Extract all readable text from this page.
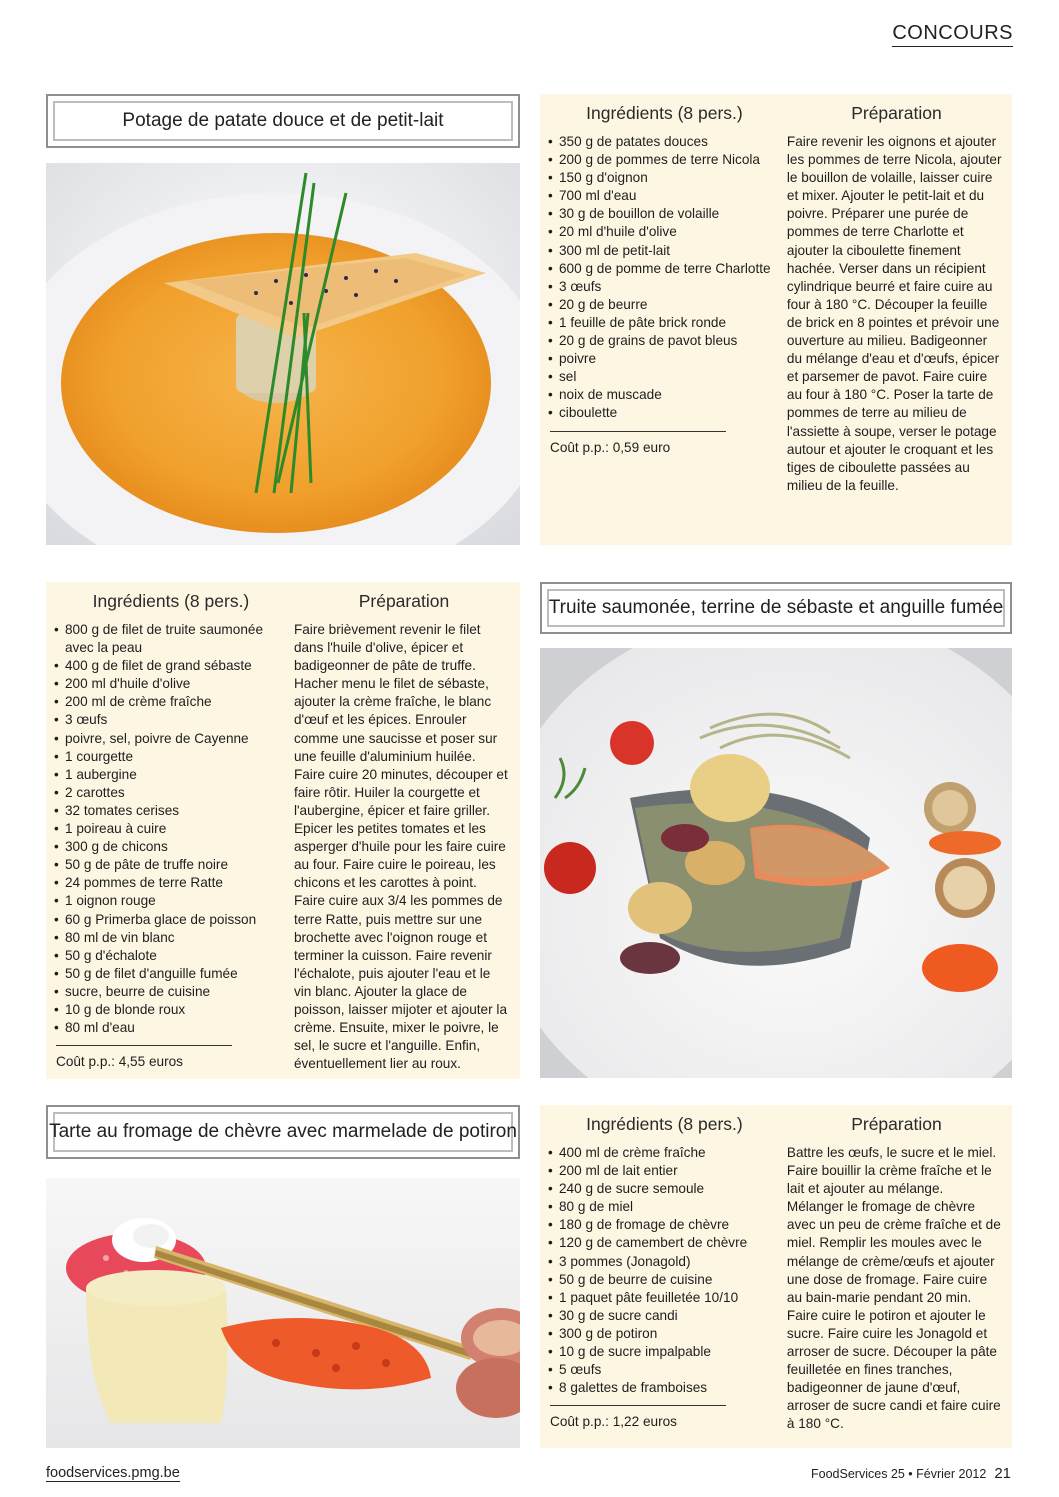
CONCOURS
Potage de patate douce et de petit-lait	Ingrédients (8 pers.)
• 350 g de patates douces
• 200 g de pommes de terre Nicola
• 150 g d'oignon
• 700 ml d'eau
• 30 g de bouillon de volaille
• 20 ml d'huile d'olive
• 300 ml de petit-lait
• 600 g de pomme de terre Charlotte
• 3 œufs
• 20 g de beurre
• 1 feuille de pâte brick ronde
• 20 g de grains de pavot bleus
• poivre
• sel
• noix de muscade
• ciboulette
Coût p.p.: 0,59 euro
Préparation

Faire revenir les oignons et ajouter les pommes de terre Nicola, ajouter le bouillon de volaille, laisser cuire et mixer. Ajouter le petit-lait et du poivre. Préparer une purée de pommes de terre Charlotte et ajouter la ciboulette finement hachée. Verser dans un récipient cylindrique beurré et faire cuire au four à 180 °C. Découper la feuille de brick en 8 pointes et prévoir une ouverture au milieu. Badigeonner du mélange d'eau et d'œufs, épicer et parsemer de pavot. Faire cuire au four à 180 °C. Poser la tarte de pommes de terre au milieu de l'assiette à soupe, verser le potage autour et ajouter le croquant et les tiges de ciboulette passées au milieu de la feuille.

Ingrédients (8 pers.)
• 800 g de filet de truite saumonée avec la peau
• 400 g de filet de grand sébaste
• 200 ml d'huile d'olive
• 200 ml de crème fraîche
• 3 œufs
• poivre, sel, poivre de Cayenne
• 1 courgette
• 1 aubergine
• 2 carottes
• 32 tomates cerises
• 1 poireau à cuire
• 300 g de chicons
• 50 g de pâte de truffe noire
• 24 pommes de terre Ratte
• 1 oignon rouge
• 60 g Primerba glace de poisson
• 80 ml de vin blanc
• 50 g d'échalote
• 50 g de filet d'anguille fumée
• sucre, beurre de cuisine
• 10 g de blonde roux
• 80 ml d'eau
Coût p.p.: 4,55 euros
Préparation

Faire brièvement revenir le filet dans l'huile d'olive, épicer et badigeonner de pâte de truffe. Hacher menu le filet de sébaste, ajouter la crème fraîche, le blanc d'œuf et les épices. Enrouler comme une saucisse et poser sur une feuille d'aluminium huilée. Faire cuire 20 minutes, découper et faire rôtir. Huiler la courgette et l'aubergine, épicer et faire griller. Epicer les petites tomates et les asperger d'huile pour les faire cuire au four. Faire cuire le poireau, les chicons et les carottes à point. Faire cuire aux 3/4 les pommes de terre Ratte, puis mettre sur une brochette avec l'oignon rouge et terminer la cuisson. Faire revenir l'échalote, puis ajouter l'eau et le vin blanc. Ajouter la glace de poisson, laisser mijoter et ajouter la crème. Ensuite, mixer le poivre, le sel, le sucre et l'anguille. Enfin, éventuellement lier au roux.

Truite saumonée, terrine de sébaste et anguille fumée
Tarte au fromage de chèvre avec marmelade de potiron	Ingrédients (8 pers.)
• 400 ml de crème fraîche
• 200 ml de lait entier
• 240 g de sucre semoule
• 80 g de miel
• 180 g de fromage de chèvre
• 120 g de camembert de chèvre
• 3 pommes (Jonagold)
• 50 g de beurre de cuisine
• 1 paquet pâte feuilletée 10/10
• 30 g de sucre candi
• 300 g de potiron
• 10 g de sucre impalpable
• 5 œufs
• 8 galettes de framboises
Coût p.p.: 1,22 euros
Préparation

Battre les œufs, le sucre et le miel. Faire bouillir la crème fraîche et le lait et ajouter au mélange. Mélanger le fromage de chèvre avec un peu de crème fraîche et de miel. Remplir les moules avec le mélange de crème/œufs et ajouter une dose de fromage. Faire cuire au bain-marie pendant 20 min. Faire cuire le potiron et ajouter le sucre. Faire cuire les Jonagold et arroser de sucre. Découper la pâte feuilletée en fines tranches, badigeonner de jaune d'œuf, arroser de sucre candi et faire cuire à 180 °C.

foodservices.pmg.be	FoodServices 25 • Février 2012 21
